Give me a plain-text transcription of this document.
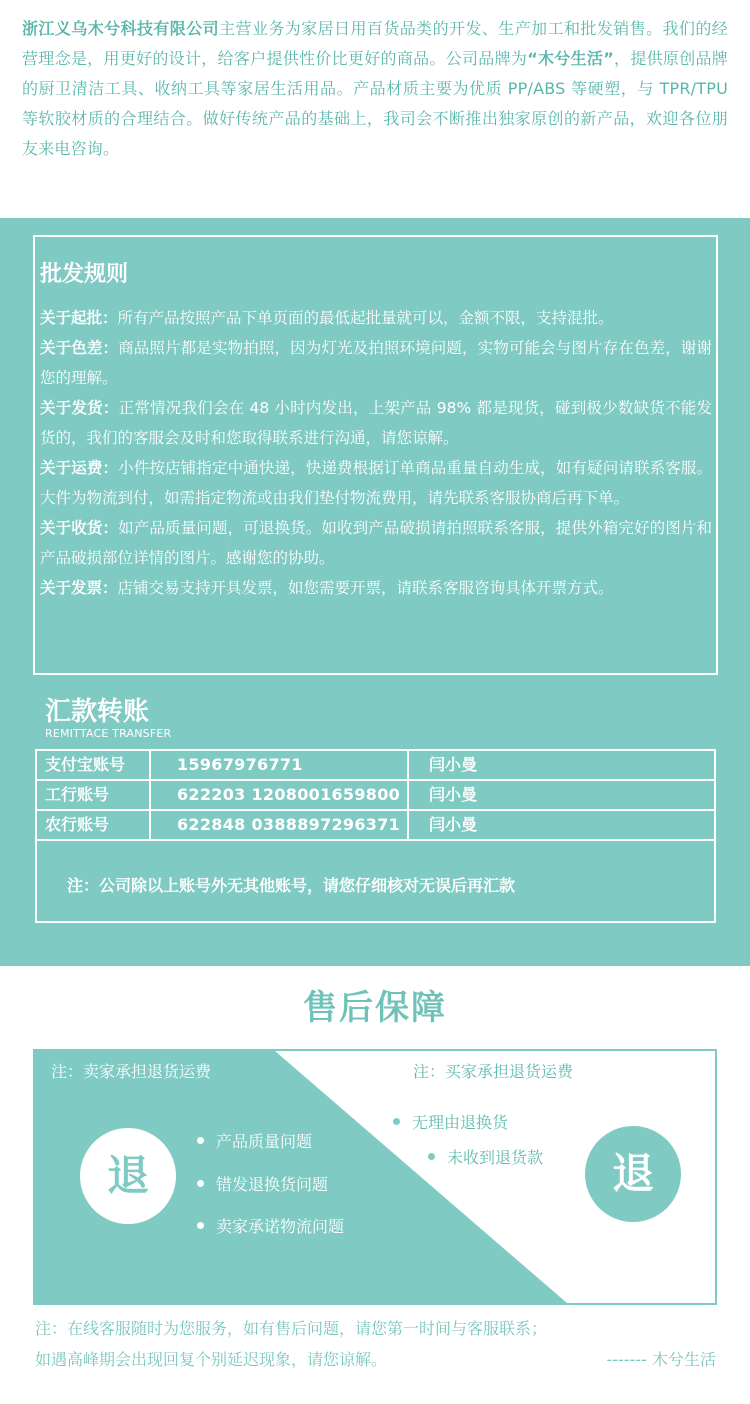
浙江义乌木兮科技有限公司主营业务为家居日用百货品类的开发、生产加工和批发销售。我们的经营理念是，用更好的设计，给客户提供性价比更好的商品。公司品牌为“木兮生活”，提供原创品牌的厨卫清洁工具、收纳工具等家居生活用品。产品材质主要为优质 PP/ABS 等硬塑，与 TPR/TPU 等软胶材质的合理结合。做好传统产品的基础上，我司会不断推出独家原创的新产品，欢迎各位朋友来电咨询。

批发规则
关于起批：所有产品按照产品下单页面的最低起批量就可以，金额不限，支持混批。
关于色差：商品照片都是实物拍照，因为灯光及拍照环境问题，实物可能会与图片存在色差，谢谢您的理解。
关于发货：正常情况我们会在 48 小时内发出，上架产品 98% 都是现货，碰到极少数缺货不能发货的，我们的客服会及时和您取得联系进行沟通，请您谅解。
关于运费：小件按店铺指定中通快递，快递费根据订单商品重量自动生成，如有疑问请联系客服。大件为物流到付，如需指定物流或由我们垫付物流费用，请先联系客服协商后再下单。
关于收货：如产品质量问题，可退换货。如收到产品破损请拍照联系客服，提供外箱完好的图片和产品破损部位详情的图片。感谢您的协助。
关于发票：店铺交易支持开具发票，如您需要开票，请联系客服咨询具体开票方式。
汇款转账
REMITTACE TRANSFER
支付宝账号	15967976771	闫小曼
工行账号	622203 1208001659800	闫小曼
农行账号	622848 0388897296371	闫小曼
注：公司除以上账号外无其他账号，请您仔细核对无误后再汇款
售后保障
注：卖家承担退货运费	注：买家承担退货运费
退	退
产品质量问题
错发退换货问题
卖家承诺物流问题
无理由退换货
未收到退货款
注：在线客服随时为您服务，如有售后问题，请您第一时间与客服联系；
如遇高峰期会出现回复个别延迟现象，请您谅解。	------- 木兮生活
